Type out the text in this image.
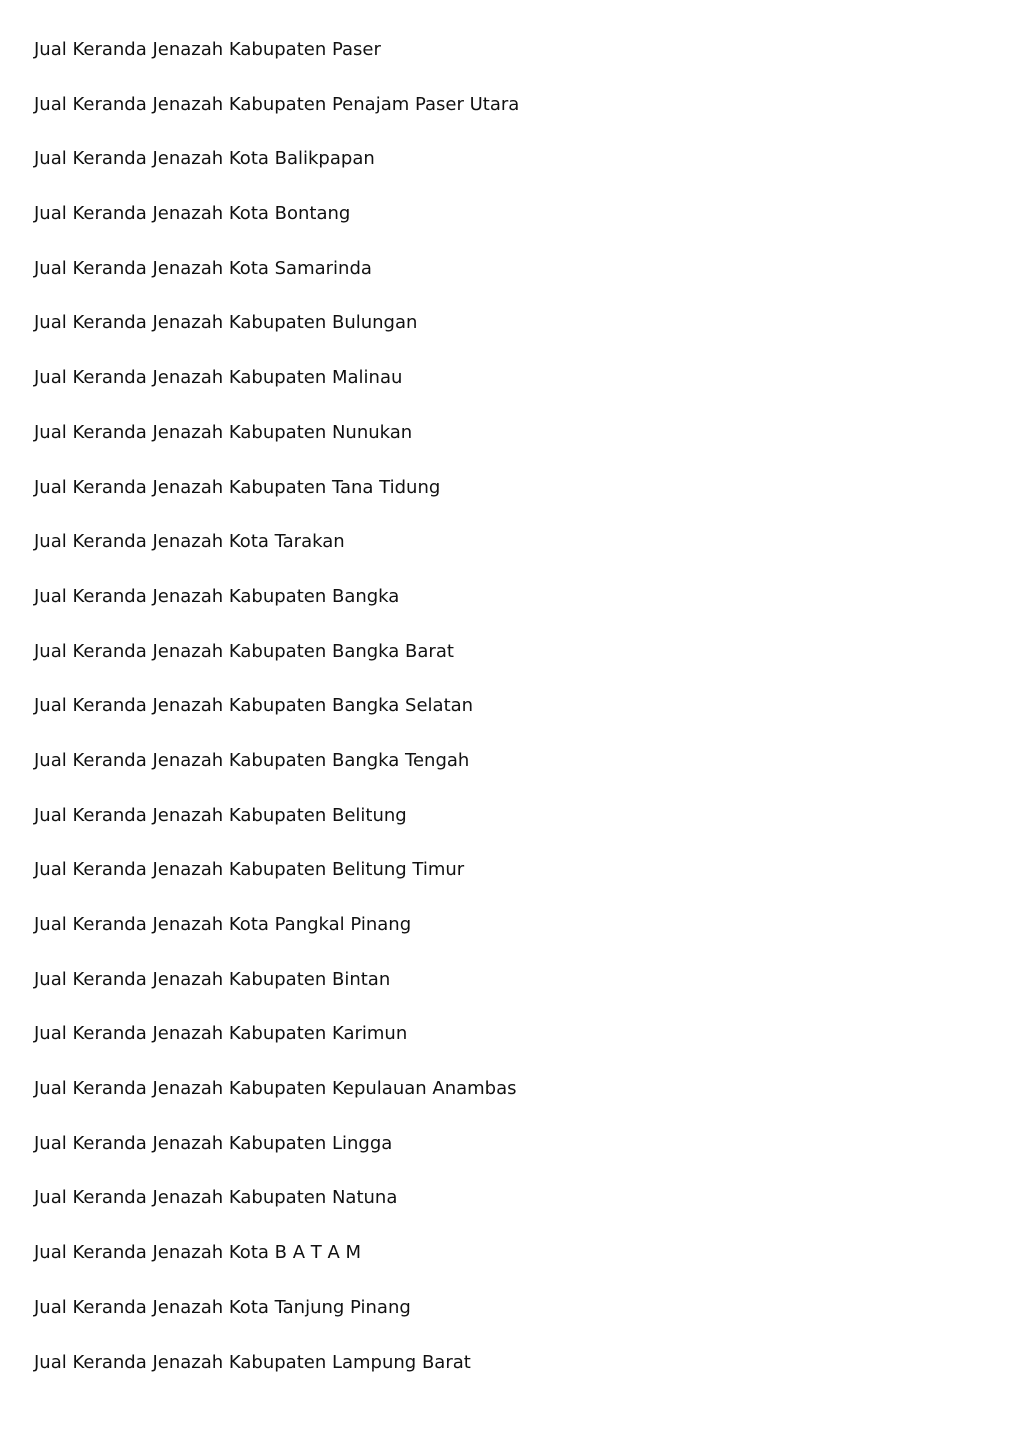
Jual Keranda Jenazah Kabupaten Paser
Jual Keranda Jenazah Kabupaten Penajam Paser Utara
Jual Keranda Jenazah Kota Balikpapan
Jual Keranda Jenazah Kota Bontang
Jual Keranda Jenazah Kota Samarinda
Jual Keranda Jenazah Kabupaten Bulungan
Jual Keranda Jenazah Kabupaten Malinau
Jual Keranda Jenazah Kabupaten Nunukan
Jual Keranda Jenazah Kabupaten Tana Tidung
Jual Keranda Jenazah Kota Tarakan
Jual Keranda Jenazah Kabupaten Bangka
Jual Keranda Jenazah Kabupaten Bangka Barat
Jual Keranda Jenazah Kabupaten Bangka Selatan
Jual Keranda Jenazah Kabupaten Bangka Tengah
Jual Keranda Jenazah Kabupaten Belitung
Jual Keranda Jenazah Kabupaten Belitung Timur
Jual Keranda Jenazah Kota Pangkal Pinang
Jual Keranda Jenazah Kabupaten Bintan
Jual Keranda Jenazah Kabupaten Karimun
Jual Keranda Jenazah Kabupaten Kepulauan Anambas
Jual Keranda Jenazah Kabupaten Lingga
Jual Keranda Jenazah Kabupaten Natuna
Jual Keranda Jenazah Kota B A T A M
Jual Keranda Jenazah Kota Tanjung Pinang
Jual Keranda Jenazah Kabupaten Lampung Barat
